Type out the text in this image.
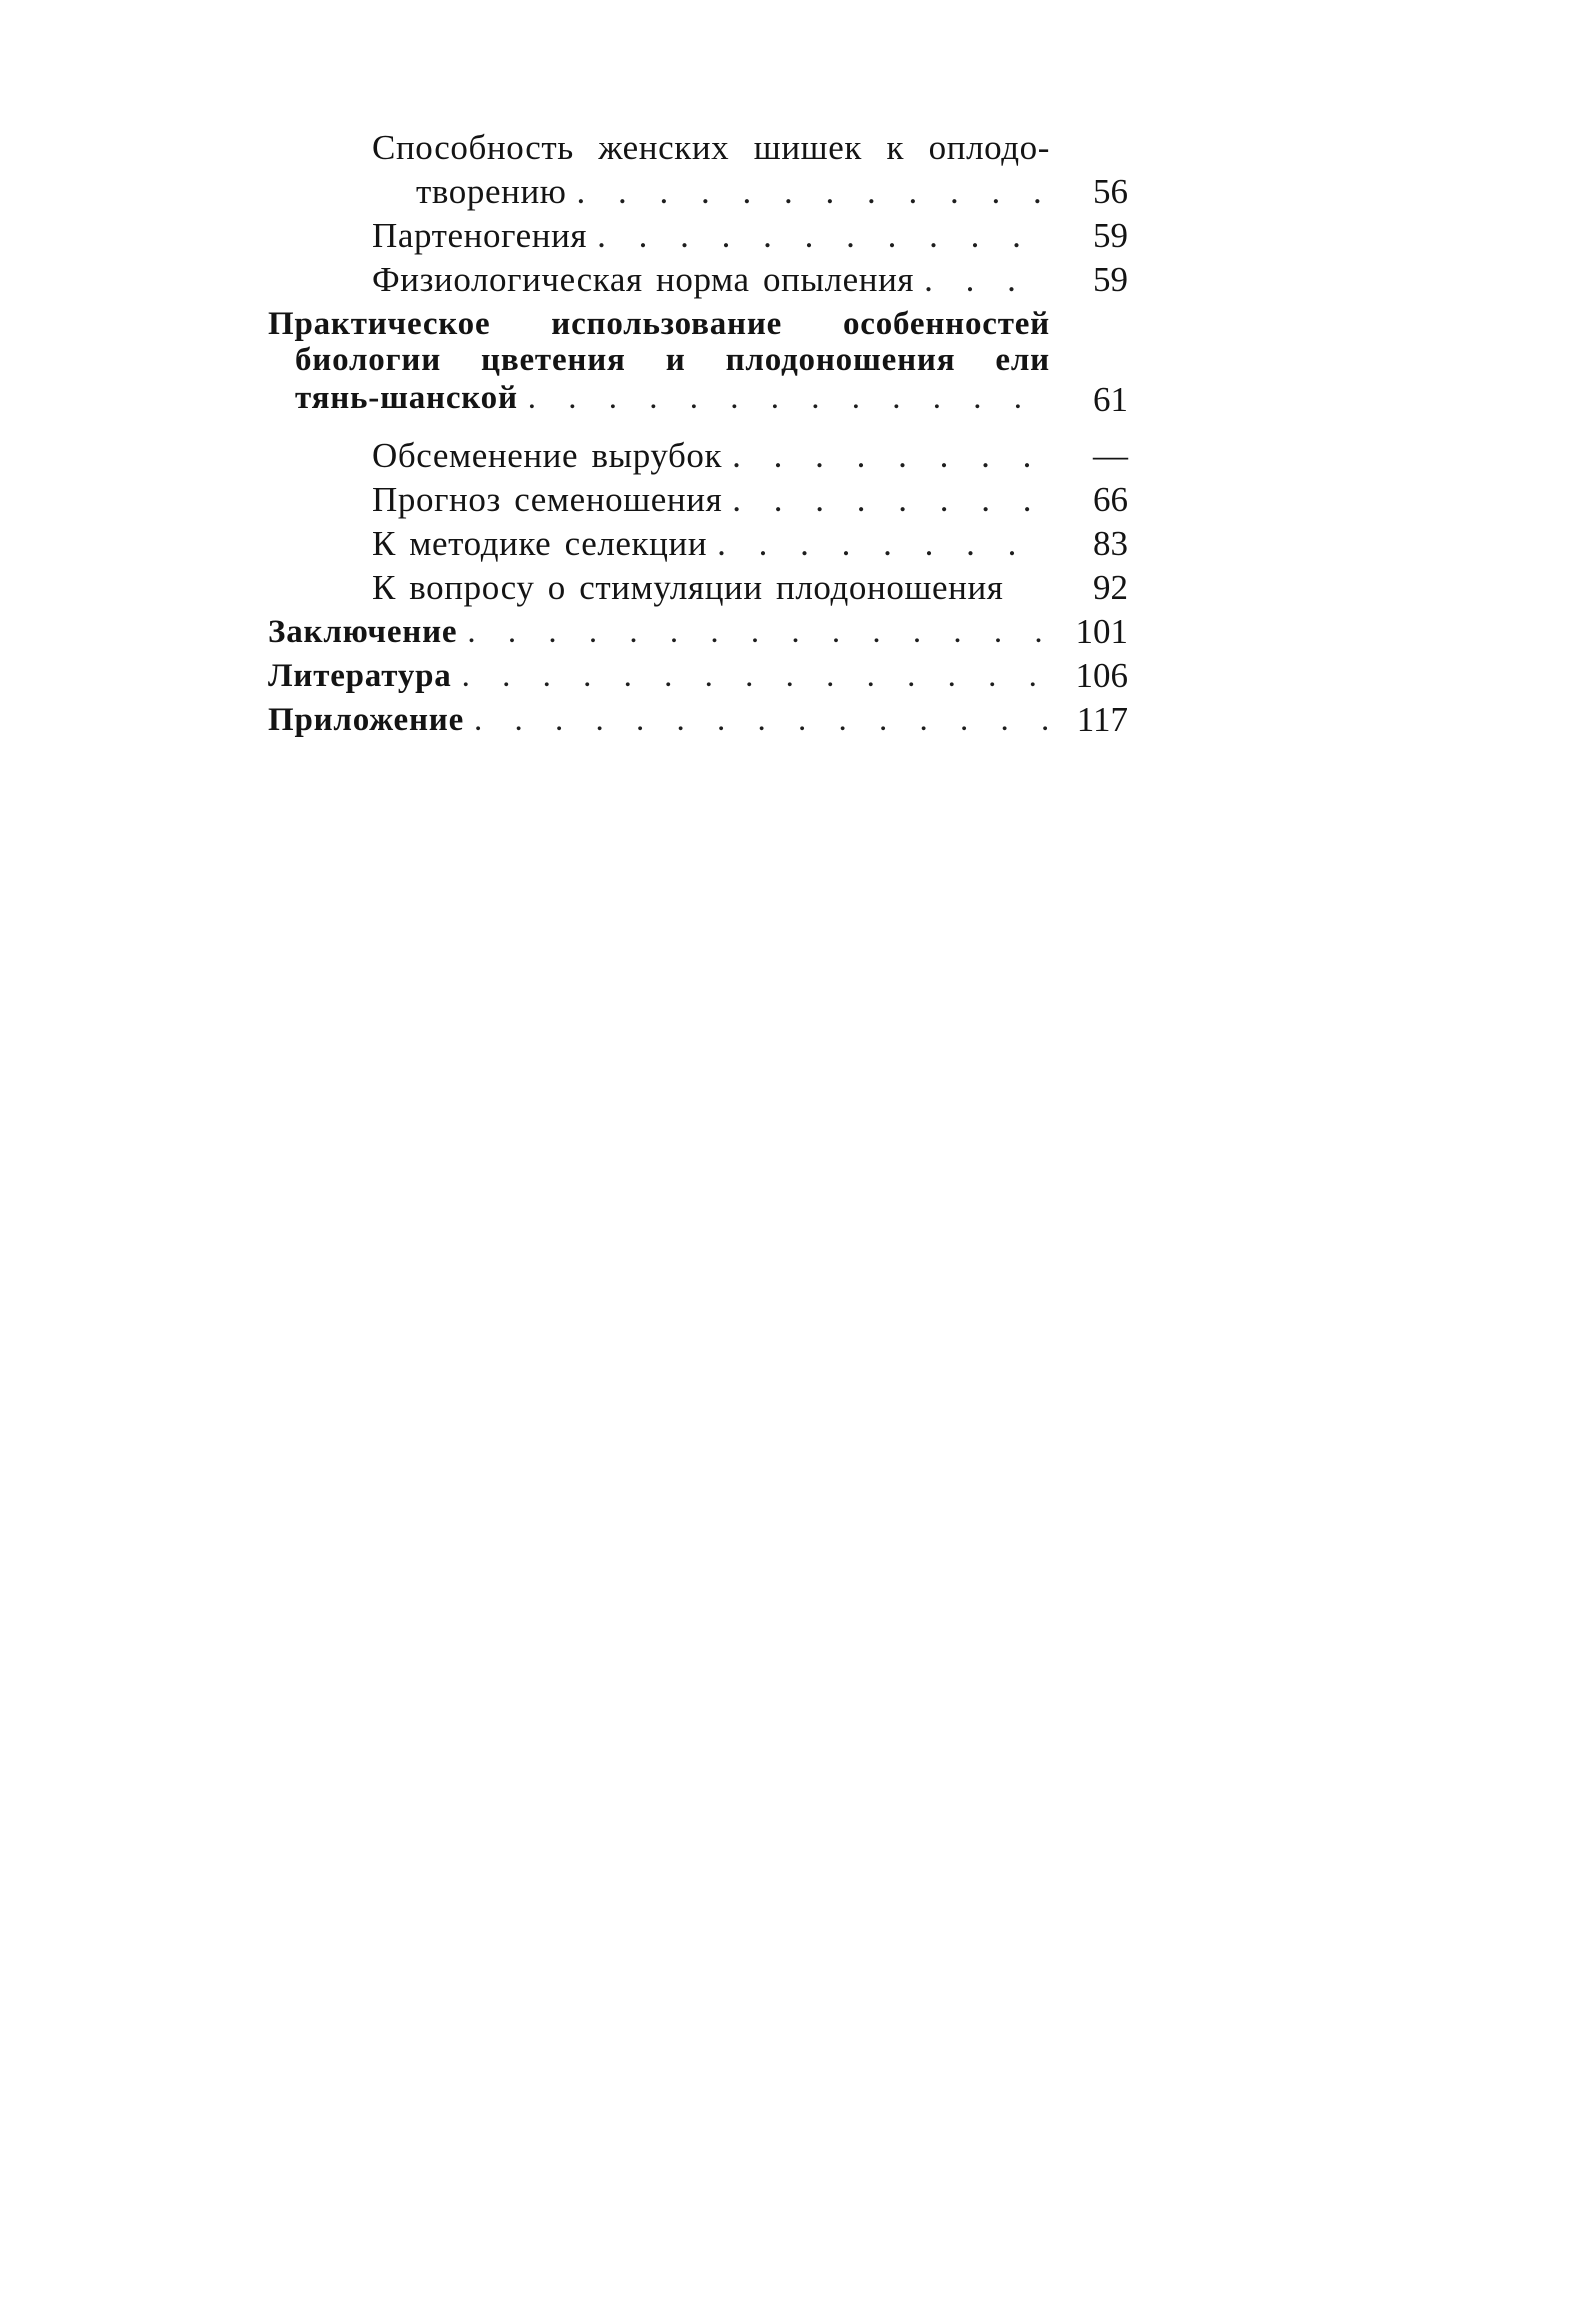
Способность женских шишек к оплодо-
творению . . .	56
Партеногения . . .	59
Физиологическая норма опыления . . .	59
Практическое использование особенностей
биологии цветения и плодоношения ели
тянь-шанской . . .	61
Обсеменение вырубок . . .	—
Прогноз семеношения . . .	66
К методике селекции . . .	83
К вопросу о стимуляции плодоношения	92
Заключение . . .	101
Литература . . .	106
Приложение . . .	117
